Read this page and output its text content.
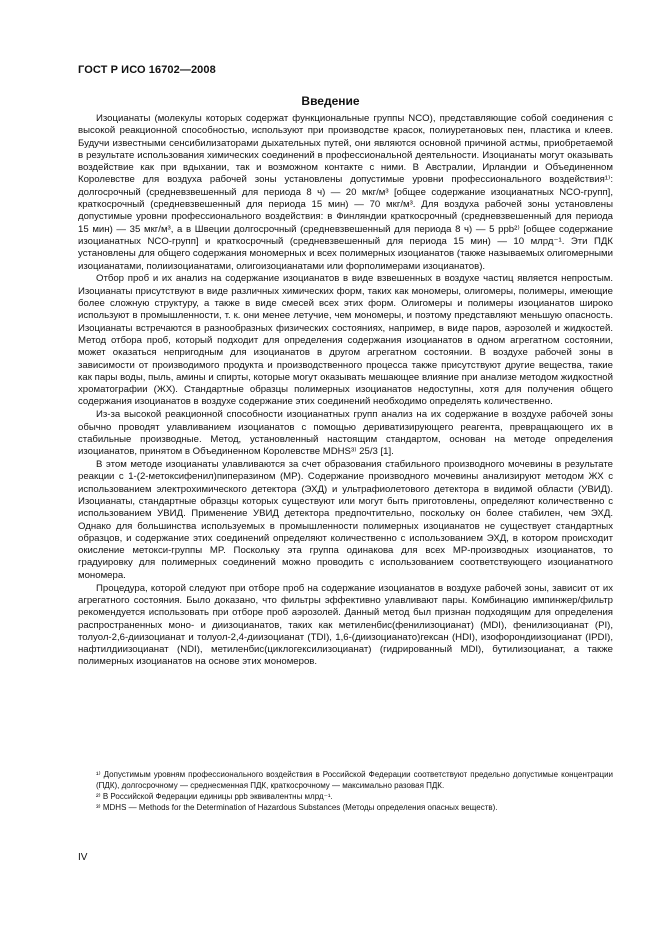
ГОСТ Р ИСО 16702—2008
Введение

Изоцианаты (молекулы которых содержат функциональные группы NCO), представляющие собой соединения с высокой реакционной способностью, используют при производстве красок, полиуретановых пен, пластика и клеев. Будучи известными сенсибилизаторами дыхательных путей, они являются основной причиной астмы, приобретаемой в результате использования химических соединений в профессиональной деятельности. Изоцианаты могут оказывать воздействие как при вдыхании, так и возможном контакте с ними. В Австралии, Ирландии и Объединенном Королевстве для воздуха рабочей зоны установлены допустимые уровни профессионального воздействия¹⁾: долгосрочный (средневзвешенный для периода 8 ч) — 20 мкг/м³ [общее содержание изоцианатных NCO-групп], краткосрочный (средневзвешенный для периода 15 мин) — 70 мкг/м³. Для воздуха рабочей зоны установлены допустимые уровни профессионального воздействия: в Финляндии краткосрочный (средневзвешенный для периода 15 мин) — 35 мкг/м³, а в Швеции долгосрочный (средневзвешенный для периода 8 ч) — 5 ppb²⁾ [общее содержание изоцианатных NCO-групп] и краткосрочный (средневзвешенный для периода 15 мин) — 10 млрд⁻¹. Эти ПДК установлены для общего содержания мономерных и всех полимерных изоцианатов (также называемых олигомерными изоцианатами, полиизоцианатами, олигоизоцианатами или форполимерами изоцианатов).

Отбор проб и их анализ на содержание изоцианатов в виде взвешенных в воздухе частиц является непростым. Изоцианаты присутствуют в виде различных химических форм, таких как мономеры, олигомеры, полимеры, имеющие более сложную структуру, а также в виде смесей всех этих форм. Олигомеры и полимеры изоцианатов широко используют в промышленности, т. к. они менее летучие, чем мономеры, и поэтому представляют меньшую опасность. Изоцианаты встречаются в разнообразных физических состояниях, например, в виде паров, аэрозолей и жидкостей. Метод отбора проб, который подходит для определения содержания изоцианатов в одном агрегатном состоянии, может оказаться непригодным для изоцианатов в другом агрегатном состоянии. В воздухе рабочей зоны в зависимости от производимого продукта и производственного процесса также присутствуют другие вещества, такие как пары воды, пыль, амины и спирты, которые могут оказывать мешающее влияние при анализе методом жидкостной хроматографии (ЖХ). Стандартные образцы полимерных изоцианатов недоступны, хотя для получения общего содержания изоцианатов в воздухе содержание этих соединений необходимо определять количественно.

Из-за высокой реакционной способности изоцианатных групп анализ на их содержание в воздухе рабочей зоны обычно проводят улавливанием изоцианатов с помощью дериватизирующего реагента, превращающего их в стабильные производные. Метод, установленный настоящим стандартом, основан на методе определения изоцианатов, принятом в Объединенном Королевстве MDHS³⁾ 25/3 [1].

В этом методе изоцианаты улавливаются за счет образования стабильного производного мочевины в результате реакции с 1-(2-метоксифенил)пиперазином (MP). Содержание производного мочевины анализируют методом ЖХ с использованием электрохимического детектора (ЭХД) и ультрафиолетового детектора в видимой области (УВИД). Изоцианаты, стандартные образцы которых существуют или могут быть приготовлены, определяют количественно с использованием УВИД. Применение УВИД детектора предпочтительно, поскольку он более стабилен, чем ЭХД. Однако для большинства используемых в промышленности полимерных изоцианатов не существует стандартных образцов, и содержание этих соединений определяют количественно с использованием ЭХД, в котором происходит окисление метокси-группы MP. Поскольку эта группа одинакова для всех MP-производных изоцианатов, то градуировку для полимерных соединений можно проводить с использованием соответствующего изоцианатного мономера.

Процедура, которой следуют при отборе проб на содержание изоцианатов в воздухе рабочей зоны, зависит от их агрегатного состояния. Было доказано, что фильтры эффективно улавливают пары. Комбинацию импинжер/фильтр рекомендуется использовать при отборе проб аэрозолей. Данный метод был признан подходящим для определения распространенных моно- и диизоцианатов, таких как метиленбис(фенилизоцианат) (MDI), фенилизоцианат (PI), толуол-2,6-диизоцианат и толуол-2,4-диизоцианат (TDI), 1,6-(диизоцианато)гексан (HDI), изофорондиизоцианат (IPDI), нафтилдиизоцианат (NDI), метиленбис(циклогексилизоцианат) (гидрированный MDI), бутилизоцианат, а также полимерных изоцианатов на основе этих мономеров.

¹⁾ Допустимым уровням профессионального воздействия в Российской Федерации соответствуют предельно допустимые концентрации (ПДК), долгосрочному — среднесменная ПДК, краткосрочному — максимально разовая ПДК.

²⁾ В Российской Федерации единицы ppb эквивалентны млрд⁻¹.

³⁾ MDHS — Methods for the Determination of Hazardous Substances (Методы определения опасных веществ).

IV
